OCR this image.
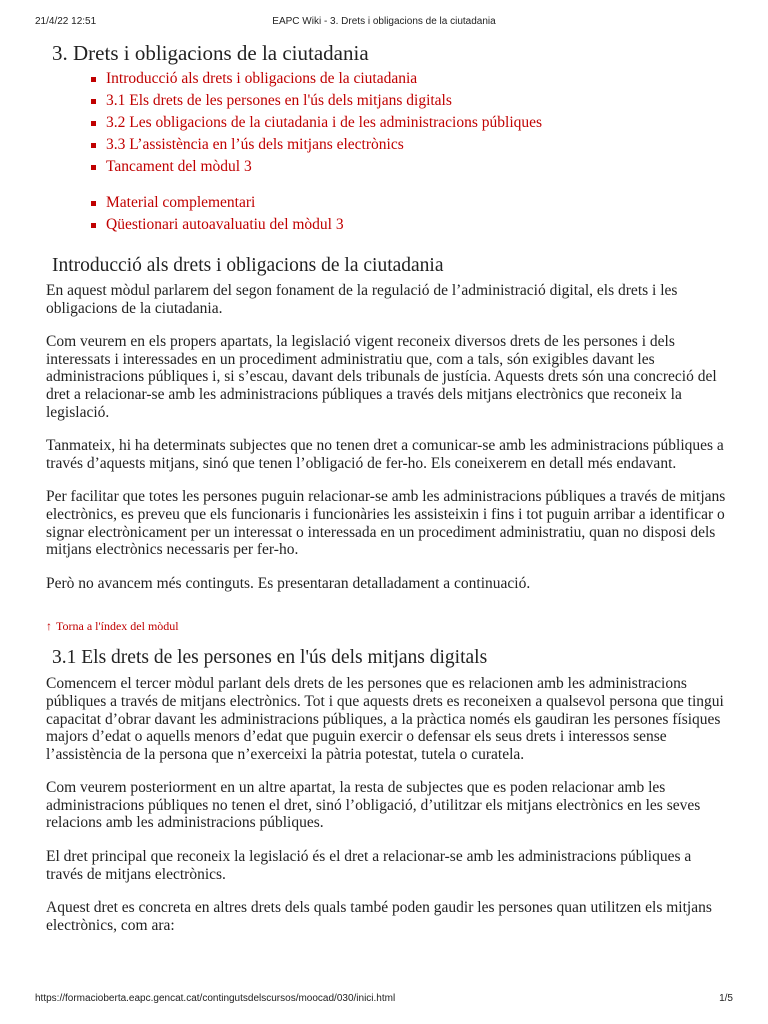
21/4/22 12:51	EAPC Wiki - 3. Drets i obligacions de la ciutadania
3. Drets i obligacions de la ciutadania
Introducció als drets i obligacions de la ciutadania
3.1 Els drets de les persones en l'ús dels mitjans digitals
3.2 Les obligacions de la ciutadania i de les administracions públiques
3.3 L’assistència en l’ús dels mitjans electrònics
Tancament del mòdul 3
Material complementari
Qüestionari autoavaluatiu del mòdul 3
Introducció als drets i obligacions de la ciutadania

En aquest mòdul parlarem del segon fonament de la regulació de l’administració digital, els drets i les obligacions de la ciutadania.

Com veurem en els propers apartats, la legislació vigent reconeix diversos drets de les persones i dels interessats i interessades en un procediment administratiu que, com a tals, són exigibles davant les administracions públiques i, si s’escau, davant dels tribunals de justícia. Aquests drets són una concreció del dret a relacionar-se amb les administracions públiques a través dels mitjans electrònics que reconeix la legislació.

Tanmateix, hi ha determinats subjectes que no tenen dret a comunicar-se amb les administracions públiques a través d’aquests mitjans, sinó que tenen l’obligació de fer-ho. Els coneixerem en detall més endavant.

Per facilitar que totes les persones puguin relacionar-se amb les administracions públiques a través de mitjans electrònics, es preveu que els funcionaris i funcionàries les assisteixin i fins i tot puguin arribar a identificar o signar electrònicament per un interessat o interessada en un procediment administratiu, quan no disposi dels mitjans electrònics necessaris per fer-ho.

Però no avancem més continguts. Es presentaran detalladament a continuació.

↑ Torna a l'índex del mòdul
3.1 Els drets de les persones en l'ús dels mitjans digitals

Comencem el tercer mòdul parlant dels drets de les persones que es relacionen amb les administracions públiques a través de mitjans electrònics. Tot i que aquests drets es reconeixen a qualsevol persona que tingui capacitat d’obrar davant les administracions públiques, a la pràctica només els gaudiran les persones físiques majors d’edat o aquells menors d’edat que puguin exercir o defensar els seus drets i interessos sense l’assistència de la persona que n’exerceixi la pàtria potestat, tutela o curatela.

Com veurem posteriorment en un altre apartat, la resta de subjectes que es poden relacionar amb les administracions públiques no tenen el dret, sinó l’obligació, d’utilitzar els mitjans electrònics en les seves relacions amb les administracions públiques.

El dret principal que reconeix la legislació és el dret a relacionar-se amb les administracions públiques a través de mitjans electrònics.

Aquest dret es concreta en altres drets dels quals també poden gaudir les persones quan utilitzen els mitjans electrònics, com ara:

https://formacioberta.eapc.gencat.cat/contingutsdelscursos/moocad/030/inici.html	1/5
